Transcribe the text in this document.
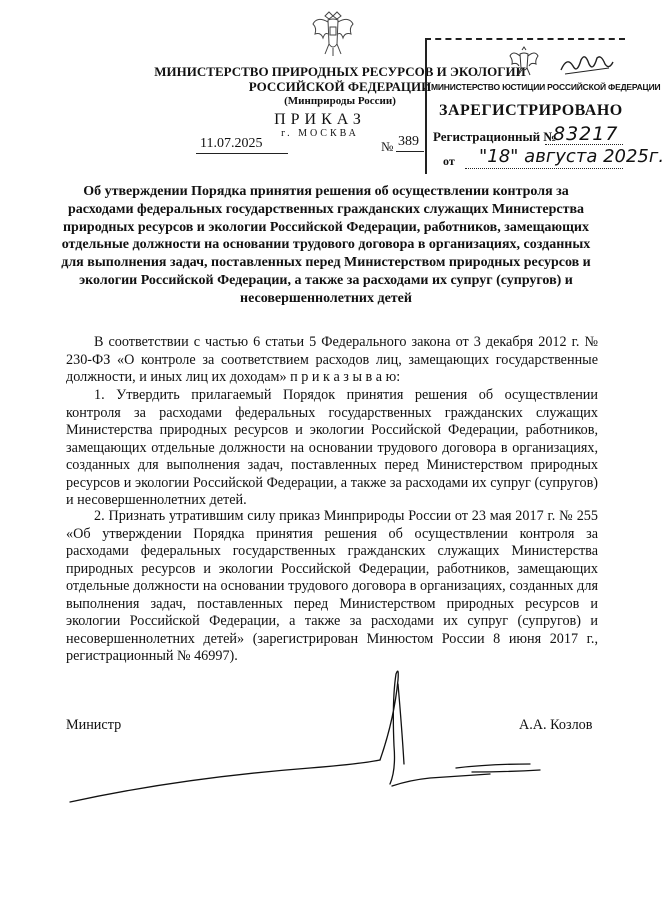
МИНИСТЕРСТВО ПРИРОДНЫХ РЕСУРСОВ И ЭКОЛОГИИ
РОССИЙСКОЙ ФЕДЕРАЦИИ
(Минприроды России)
ПРИКАЗ
г. МОСКВА
11.07.2025	№ 389
МИНИСТЕРСТВО ЮСТИЦИИ РОССИЙСКОЙ ФЕДЕРАЦИИ
ЗАРЕГИСТРИРОВАНО
Регистрационный №
83217
от "18" августа 2025г.
Об утверждении Порядка принятия решения об осуществлении контроля за расходами федеральных государственных гражданских служащих Министерства природных ресурсов и экологии Российской Федерации, работников, замещающих отдельные должности на основании трудового договора в организациях, созданных для выполнения задач, поставленных перед Министерством природных ресурсов и экологии Российской Федерации, а также за расходами их супруг (супругов) и несовершеннолетних детей

В соответствии с частью 6 статьи 5 Федерального закона от 3 декабря 2012 г. № 230-ФЗ «О контроле за соответствием расходов лиц, замещающих государственные должности, и иных лиц их доходам» п р и к а з ы в а ю:

1. Утвердить прилагаемый Порядок принятия решения об осуществлении контроля за расходами федеральных государственных гражданских служащих Министерства природных ресурсов и экологии Российской Федерации, работников, замещающих отдельные должности на основании трудового договора в организациях, созданных для выполнения задач, поставленных перед Министерством природных ресурсов и экологии Российской Федерации, а также за расходами их супруг (супругов) и несовершеннолетних детей.

2. Признать утратившим силу приказ Минприроды России от 23 мая 2017 г. № 255 «Об утверждении Порядка принятия решения об осуществлении контроля за расходами федеральных государственных гражданских служащих Министерства природных ресурсов и экологии Российской Федерации, работников, замещающих отдельные должности на основании трудового договора в организациях, созданных для выполнения задач, поставленных перед Министерством природных ресурсов и экологии Российской Федерации, а также за расходами их супруг (супругов) и несовершеннолетних детей» (зарегистрирован Минюстом России 8 июня 2017 г., регистрационный № 46997).

Министр	А.А. Козлов
